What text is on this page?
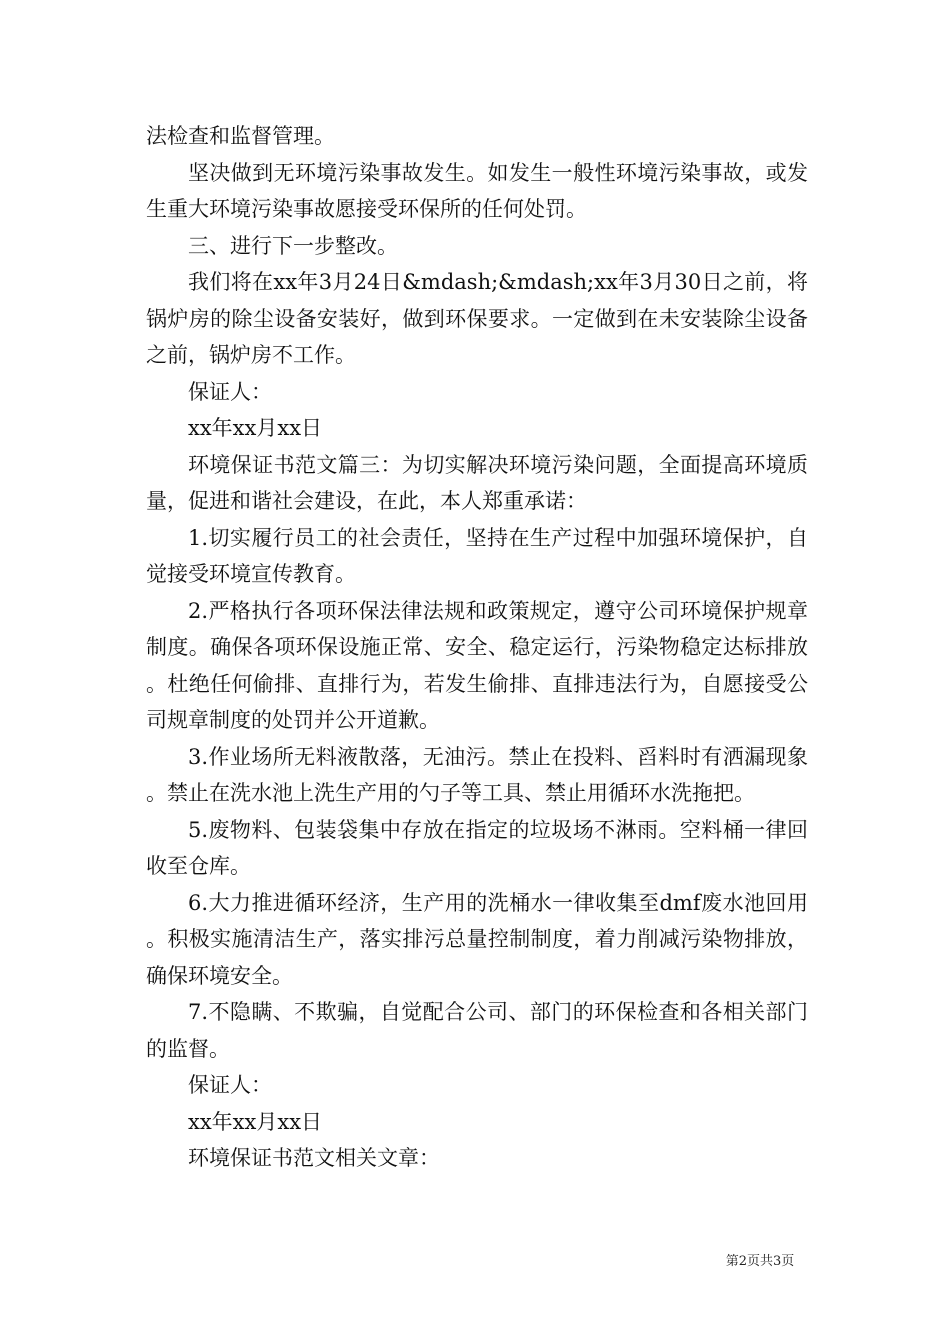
法检查和监督管理。

坚决做到无环境污染事故发生。如发生一般性环境污染事故，或发生重大环境污染事故愿接受环保所的任何处罚。

三、进行下一步整改。

我们将在xx年3月24日&mdash;&mdash;xx年3月30日之前，将锅炉房的除尘设备安装好，做到环保要求。一定做到在未安装除尘设备之前，锅炉房不工作。

保证人：

xx年xx月xx日

环境保证书范文篇三：为切实解决环境污染问题，全面提高环境质量，促进和谐社会建设，在此，本人郑重承诺：

1.切实履行员工的社会责任，坚持在生产过程中加强环境保护，自觉接受环境宣传教育。

2.严格执行各项环保法律法规和政策规定，遵守公司环境保护规章制度。确保各项环保设施正常、安全、稳定运行，污染物稳定达标排放。杜绝任何偷排、直排行为，若发生偷排、直排违法行为，自愿接受公司规章制度的处罚并公开道歉。

3.作业场所无料液散落，无油污。禁止在投料、舀料时有洒漏现象。禁止在洗水池上洗生产用的勺子等工具、禁止用循环水洗拖把。

5.废物料、包装袋集中存放在指定的垃圾场不淋雨。空料桶一律回收至仓库。

6.大力推进循环经济，生产用的洗桶水一律收集至dmf废水池回用。积极实施清洁生产，落实排污总量控制制度，着力削减污染物排放，确保环境安全。

7.不隐瞒、不欺骗，自觉配合公司、部门的环保检查和各相关部门的监督。

保证人：

xx年xx月xx日

环境保证书范文相关文章：

第2页共3页
